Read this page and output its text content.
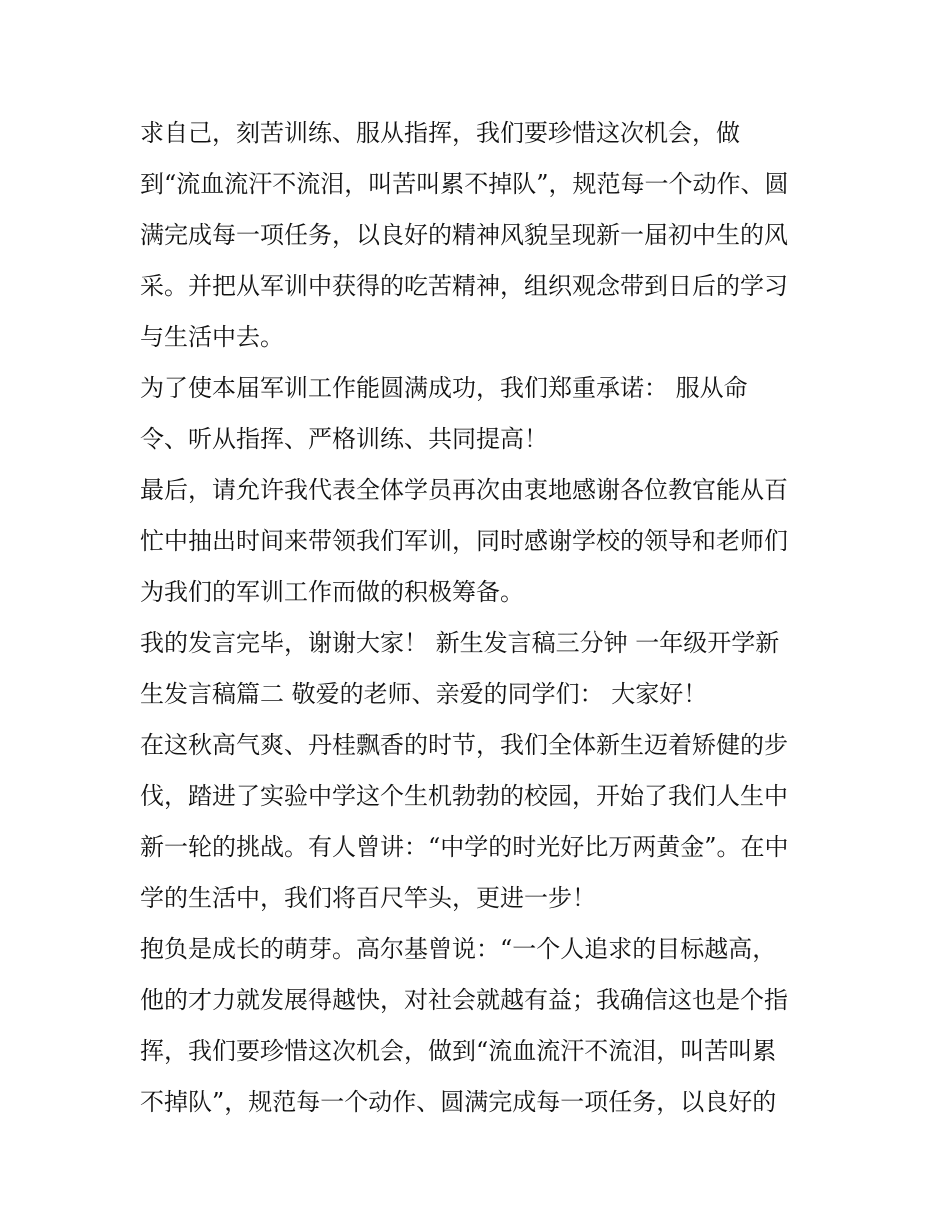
求自己，刻苦训练、服从指挥，我们要珍惜这次机会，做
到“流血流汗不流泪，叫苦叫累不掉队”，规范每一个动作、圆
满完成每一项任务，以良好的精神风貌呈现新一届初中生的风
采。并把从军训中获得的吃苦精神，组织观念带到日后的学习
与生活中去。
为了使本届军训工作能圆满成功，我们郑重承诺： 服从命
令、听从指挥、严格训练、共同提高！
最后，请允许我代表全体学员再次由衷地感谢各位教官能从百
忙中抽出时间来带领我们军训，同时感谢学校的领导和老师们
为我们的军训工作而做的积极筹备。
我的发言完毕，谢谢大家！ 新生发言稿三分钟 一年级开学新
生发言稿篇二 敬爱的老师、亲爱的同学们： 大家好！
在这秋高气爽、丹桂飘香的时节，我们全体新生迈着矫健的步
伐，踏进了实验中学这个生机勃勃的校园，开始了我们人生中
新一轮的挑战。有人曾讲：“中学的时光好比万两黄金”。在中
学的生活中，我们将百尺竿头，更进一步！
抱负是成长的萌芽。高尔基曾说：“一个人追求的目标越高，
他的才力就发展得越快，对社会就越有益；我确信这也是个指
挥，我们要珍惜这次机会，做到“流血流汗不流泪，叫苦叫累
不掉队”，规范每一个动作、圆满完成每一项任务，以良好的
